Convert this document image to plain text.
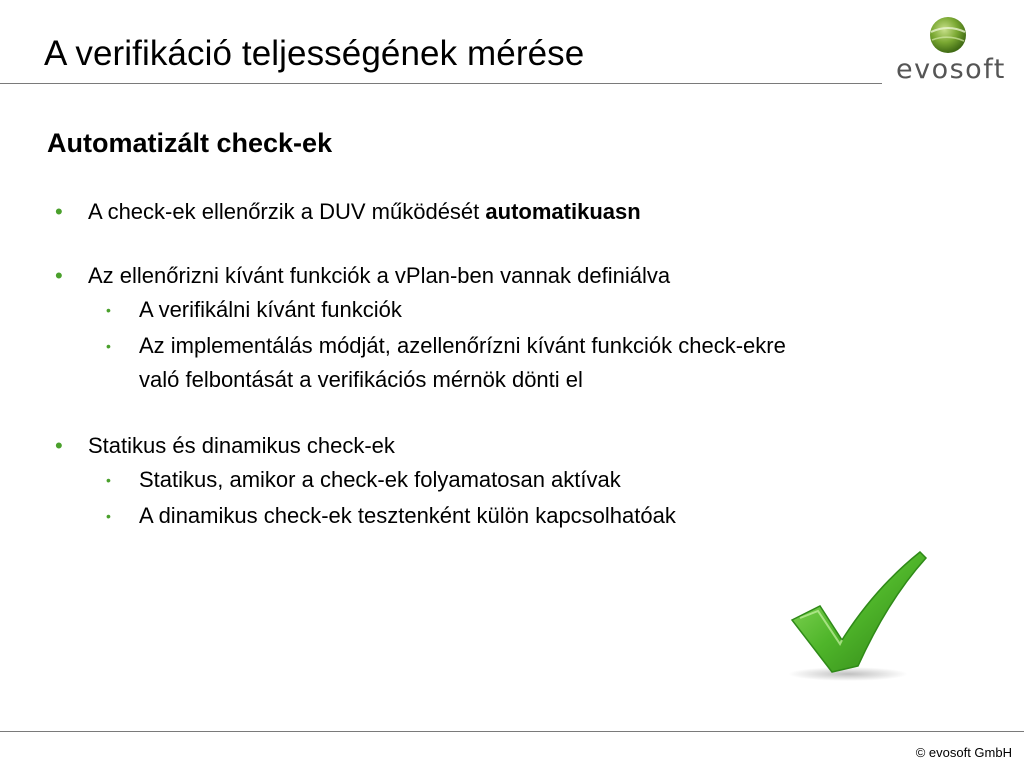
A verifikáció teljességének mérése	evosoft
Automatizált check-ek
• A check-ek ellenőrzik a DUV működését automatikuasn
• Az ellenőrizni kívánt funkciók a vPlan-ben vannak definiálva
• A verifikálni kívánt funkciók
• Az implementálás módját, azellenőrízni kívánt funkciók check-ekre
való felbontását a verifikációs mérnök dönti el
• Statikus és dinamikus check-ek
• Statikus, amikor a check-ek folyamatosan aktívak
• A dinamikus check-ek tesztenként külön kapcsolhatóak
© evosoft GmbH
